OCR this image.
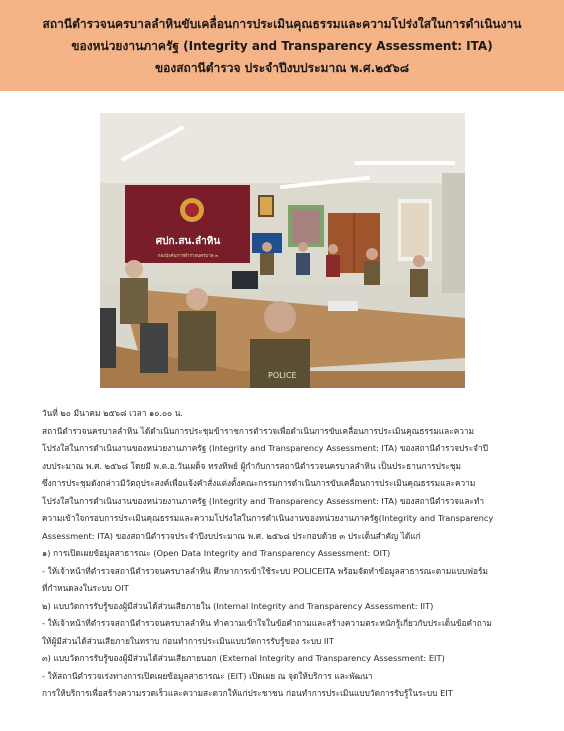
สถานีตำรวจนครบาลลำหินขับเคลื่อนการประเมินคุณธรรมและความโปร่งใสในการดำเนินงาน
ของหน่วยงานภาครัฐ (Integrity and Transparency Assessment: ITA)
ของสถานีตำรวจ ประจำปีงบประมาณ พ.ศ.๒๕๖๘
ศปก.สน.ลำหิน
กองบังคับการตำรวจนครบาล ๓
POLICE

วันที่ ๒๐ มีนาคม ๒๕๖๘ เวลา ๑๐.๐๐ น.

สถานีตำรวจนครบาลลำหิน ได้ดำเนินการประชุมข้าราชการตำรวจเพื่อดำเนินการขับเคลื่อนการประเมินคุณธรรมและความ

โปร่งใสในการดำเนินงานของหน่วยงานภาครัฐ (Integrity and Transparency Assessment: ITA) ของสถานีตำรวจประจำปี

งบประมาณ พ.ศ. ๒๕๖๘ โดยมี พ.ต.อ.วันเผด็จ ทรงทิพย์ ผู้กำกับการสถานีตำรวจนครบาลลำหิน เป็นประธานการประชุม

ซึ่งการประชุมดังกล่าวมีวัตถุประสงค์เพื่อแจ้งคำสั่งแต่งตั้งคณะกรรมการดำเนินการขับเคลื่อนการประเมินคุณธรรมและความ

โปร่งใสในการดำเนินงานของหน่วยงานภาครัฐ (Integrity and Transparency Assessment: ITA) ของสถานีตำรวจและทำ

ความเข้าใจกรอบการประเมินคุณธรรมและความโปร่งใสในการดำเนินงานของหน่วยงานภาครัฐ(Integrity and Transparency

Assessment: ITA) ของสถานีตำรวจประจำปีงบประมาณ พ.ศ. ๒๕๖๘ ประกอบด้วย ๓ ประเด็นสำคัญ ได้แก่

๑) การเปิดเผยข้อมูลสาธารณะ (Open Data Integrity and Transparency Assessment: OIT)

- ให้เจ้าหน้าที่ตำรวจสถานีตำรวจนครบาลลำหิน ศึกษาการเข้าใช้ระบบ POLICEITA พร้อมจัดทำข้อมูลสาธารณะตามแบบฟอร์ม

ที่กำหนดลงในระบบ OIT

๒) แบบวัดการรับรู้ของผู้มีส่วนได้ส่วนเสียภายใน (Internal Integrity and Transparency Assessment: IIT)

- ให้เจ้าหน้าที่ตำรวจสถานีตำรวจนครบาลลำหิน ทำความเข้าใจในข้อคำถามและสร้างความตระหนักรู้เกี่ยวกับประเด็นข้อคำถาม

ให้ผู้มีส่วนได้ส่วนเสียภายในทราบ ก่อนทำการประเมินแบบวัดการรับรู้ของ ระบบ IIT

๓) แบบวัดการรับรู้ของผู้มีส่วนได้ส่วนเสียภายนอก (External Integrity and Transparency Assessment: EIT)

- ให้สถานีตำรวจเร่งทางการเปิดเผยข้อมูลสาธารณะ (EIT) เปิดเผย ณ จุดให้บริการ และพัฒนา

การให้บริการเพื่อสร้างความรวดเร็วและความสะดวกให้แก่ประชาชน ก่อนทำการประเมินแบบวัดการรับรู้ในระบบ EIT
